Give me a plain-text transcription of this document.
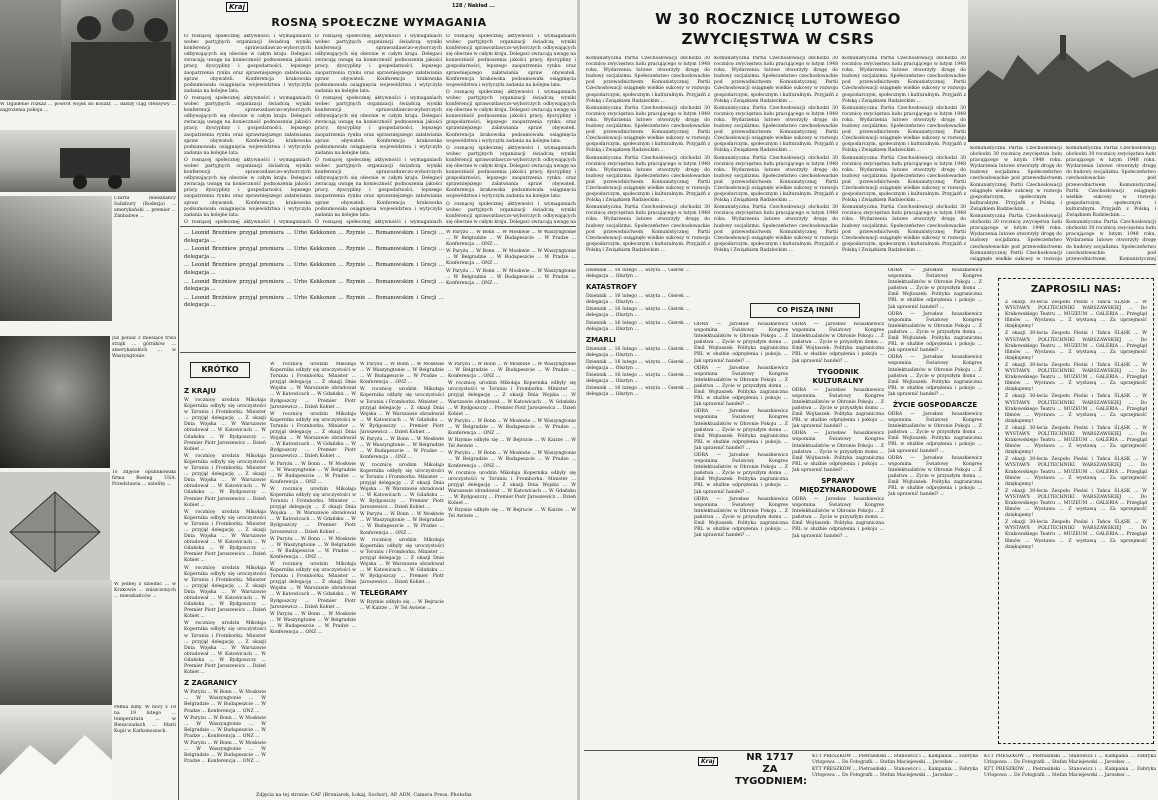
W Ogadenie rozkaz ... powrót wojsk do koszar, ... dalszy ciąg ofensywy ... zagrożenia pokoju ...

Czarni mieszkańcy Salisbury (Rodezja) ... amerykański ... premier ... Zimbabwe ...

Już ponad 3 miesiące trwa strajk ... górników ... amerykańskich ... w Waszyngtonie.

To zdjęcie opublikowała firma Boeing USA. Przedstawia ... satelitę ...

W jednej z dzielnic ... w Krakowie ... zniszczonych ... mieszkańców ...

Pełnia zimy. W nocy z 18 na 19 lutego ... temperatura ... w Bieszczadach ... Marii Kopii w Karkonoszach.

Kraj	128 / Nakład ...
ROSNĄ SPOŁECZNE WYMAGANIA

O rosnącej społecznej aktywności i wymaganiach wobec partyjnych organizacji świadczą wyniki konferencji sprawozdawczo-wyborczych odbywających się obecnie w całym kraju. Delegaci zwracają uwagę na konieczność podnoszenia jakości pracy, dyscypliny i gospodarności, lepszego zaopatrzenia rynku oraz sprawniejszego załatwiania spraw obywateli. Konferencja krakowska podsumowała osiągnięcia województwa i wytyczyła zadania na kolejne lata.

O rosnącej społecznej aktywności i wymaganiach wobec partyjnych organizacji świadczą wyniki konferencji sprawozdawczo-wyborczych odbywających się obecnie w całym kraju. Delegaci zwracają uwagę na konieczność podnoszenia jakości pracy, dyscypliny i gospodarności, lepszego zaopatrzenia rynku oraz sprawniejszego załatwiania spraw obywateli. Konferencja krakowska podsumowała osiągnięcia województwa i wytyczyła zadania na kolejne lata.

O rosnącej społecznej aktywności i wymaganiach wobec partyjnych organizacji świadczą wyniki konferencji sprawozdawczo-wyborczych odbywających się obecnie w całym kraju. Delegaci zwracają uwagę na konieczność podnoszenia jakości pracy, dyscypliny i gospodarności, lepszego zaopatrzenia rynku oraz sprawniejszego załatwiania spraw obywateli. Konferencja krakowska podsumowała osiągnięcia województwa i wytyczyła zadania na kolejne lata.

O rosnącej społecznej aktywności i wymaganiach

O rosnącej społecznej aktywności i wymaganiach wobec partyjnych organizacji świadczą wyniki konferencji sprawozdawczo-wyborczych odbywających się obecnie w całym kraju. Delegaci zwracają uwagę na konieczność podnoszenia jakości pracy, dyscypliny i gospodarności, lepszego zaopatrzenia rynku oraz sprawniejszego załatwiania spraw obywateli. Konferencja krakowska podsumowała osiągnięcia województwa i wytyczyła zadania na kolejne lata.

O rosnącej społecznej aktywności i wymaganiach wobec partyjnych organizacji świadczą wyniki konferencji sprawozdawczo-wyborczych odbywających się obecnie w całym kraju. Delegaci zwracają uwagę na konieczność podnoszenia jakości pracy, dyscypliny i gospodarności, lepszego zaopatrzenia rynku oraz sprawniejszego załatwiania spraw obywateli. Konferencja krakowska podsumowała osiągnięcia województwa i wytyczyła zadania na kolejne lata.

O rosnącej społecznej aktywności i wymaganiach wobec partyjnych organizacji świadczą wyniki konferencji sprawozdawczo-wyborczych odbywających się obecnie w całym kraju. Delegaci zwracają uwagę na konieczność podnoszenia jakości pracy, dyscypliny i gospodarności, lepszego zaopatrzenia rynku oraz sprawniejszego załatwiania spraw obywateli. Konferencja krakowska podsumowała osiągnięcia województwa i wytyczyła zadania na kolejne lata.

O rosnącej społecznej aktywności i wymaganiach

O rosnącej społecznej aktywności i wymaganiach wobec partyjnych organizacji świadczą wyniki konferencji sprawozdawczo-wyborczych odbywających się obecnie w całym kraju. Delegaci zwracają uwagę na konieczność podnoszenia jakości pracy, dyscypliny i gospodarności, lepszego zaopatrzenia rynku oraz sprawniejszego załatwiania spraw obywateli. Konferencja krakowska podsumowała osiągnięcia województwa i wytyczyła zadania na kolejne lata.

O rosnącej społecznej aktywności i wymaganiach wobec partyjnych organizacji świadczą wyniki konferencji sprawozdawczo-wyborczych odbywających się obecnie w całym kraju. Delegaci zwracają uwagę na konieczność podnoszenia jakości pracy, dyscypliny i gospodarności, lepszego zaopatrzenia rynku oraz sprawniejszego załatwiania spraw obywateli. Konferencja krakowska podsumowała osiągnięcia województwa i wytyczyła zadania na kolejne lata.

O rosnącej społecznej aktywności i wymaganiach wobec partyjnych organizacji świadczą wyniki konferencji sprawozdawczo-wyborczych odbywających się obecnie w całym kraju. Delegaci zwracają uwagę na konieczność podnoszenia jakości pracy, dyscypliny i gospodarności, lepszego zaopatrzenia rynku oraz sprawniejszego załatwiania spraw obywateli. Konferencja krakowska podsumowała osiągnięcia województwa i wytyczyła zadania na kolejne lata.

O rosnącej społecznej aktywności i wymaganiach wobec partyjnych organizacji świadczą wyniki konferencji sprawozdawczo-wyborczych odbywających się obecnie w całym kraju. Delegaci zwracają uwagę na

... Leonid Breżniew przyjął premiera ... Urho Kekkonen ... Rzymie ... Romanowskim i Grecji ... delegacja ...

... Leonid Breżniew przyjął premiera ... Urho Kekkonen ... Rzymie ... Romanowskim i Grecji ... delegacja ...

... Leonid Breżniew przyjął premiera ... Urho Kekkonen ... Rzymie ... Romanowskim i Grecji ... delegacja ...

... Leonid Breżniew przyjął premiera ... Urho Kekkonen ... Rzymie ... Romanowskim i Grecji ... delegacja ...

... Leonid Breżniew przyjął premiera ... Urho Kekkonen ... Rzymie ... Romanowskim i Grecji ... delegacja ...

W Paryżu ... W Bonn ... W Moskwie ... W Waszyngtonie ... W Belgradzie ... W Budapeszcie ... W Pradze ... Konferencja ... ONZ ...

W Paryżu ... W Bonn ... W Moskwie ... W Waszyngtonie ... W Belgradzie ... W Budapeszcie ... W Pradze ... Konferencja ... ONZ ...

W Paryżu ... W Bonn ... W Moskwie ... W Waszyngtonie ... W Belgradzie ... W Budapeszcie ... W Pradze ... Konferencja ... ONZ ...

KRÓTKO
Z KRAJU

W rocznicę urodzin Mikołaja Kopernika odbyły się uroczystości w Toruniu i Fromborku. Minister ... przyjął delegację ... Z okazji Dnia Wojska ... W Warszawie obradował ... W Katowicach ... W Gdańsku ... W Bydgoszczy ... Premier Piotr Jaroszewicz ... Dzień Kobiet ...

W rocznicę urodzin Mikołaja Kopernika odbyły się uroczystości w Toruniu i Fromborku. Minister ... przyjął delegację ... Z okazji Dnia Wojska ... W Warszawie obradował ... W Katowicach ... W Gdańsku ... W Bydgoszczy ... Premier Piotr Jaroszewicz ... Dzień Kobiet ...

W rocznicę urodzin Mikołaja Kopernika odbyły się uroczystości w Toruniu i Fromborku. Minister ... przyjął delegację ... Z okazji Dnia Wojska ... W Warszawie obradował ... W Katowicach ... W Gdańsku ... W Bydgoszczy ... Premier Piotr Jaroszewicz ... Dzień Kobiet ...

W rocznicę urodzin Mikołaja Kopernika odbyły się uroczystości w Toruniu i Fromborku. Minister ... przyjął delegację ... Z okazji Dnia Wojska ... W Warszawie obradował ... W Katowicach ... W Gdańsku ... W Bydgoszczy ... Premier Piotr Jaroszewicz ... Dzień Kobiet ...

W rocznicę urodzin Mikołaja Kopernika odbyły się uroczystości w Toruniu i Fromborku. Minister ... przyjął delegację ... Z okazji Dnia Wojska ... W Warszawie obradował ... W Katowicach ... W Gdańsku ... W Bydgoszczy ... Premier Piotr Jaroszewicz ... Dzień Kobiet ...

Z ZAGRANICY

W Paryżu ... W Bonn ... W Moskwie ... W Waszyngtonie ... W Belgradzie ... W Budapeszcie ... W Pradze ... Konferencja ... ONZ ...

W Paryżu ... W Bonn ... W Moskwie ... W Waszyngtonie ... W Belgradzie ... W Budapeszcie ... W Pradze ... Konferencja ... ONZ ...

W Paryżu ... W Bonn ... W Moskwie ... W Waszyngtonie ... W Belgradzie ... W Budapeszcie ... W Pradze ... Konferencja ... ONZ ...

W rocznicę urodzin Mikołaja Kopernika odbyły się uroczystości w Toruniu i Fromborku. Minister ... przyjął delegację ... Z okazji Dnia Wojska ... W Warszawie obradował ... W Katowicach ... W Gdańsku ... W Bydgoszczy ... Premier Piotr Jaroszewicz ... Dzień Kobiet ...

W rocznicę urodzin Mikołaja Kopernika odbyły się uroczystości w Toruniu i Fromborku. Minister ... przyjął delegację ... Z okazji Dnia Wojska ... W Warszawie obradował ... W Katowicach ... W Gdańsku ... W Bydgoszczy ... Premier Piotr Jaroszewicz ... Dzień Kobiet ...

W Paryżu ... W Bonn ... W Moskwie ... W Waszyngtonie ... W Belgradzie ... W Budapeszcie ... W Pradze ... Konferencja ... ONZ ...

W rocznicę urodzin Mikołaja Kopernika odbyły się uroczystości w Toruniu i Fromborku. Minister ... przyjął delegację ... Z okazji Dnia Wojska ... W Warszawie obradował ... W Katowicach ... W Gdańsku ... W Bydgoszczy ... Premier Piotr Jaroszewicz ... Dzień Kobiet ...

W Paryżu ... W Bonn ... W Moskwie ... W Waszyngtonie ... W Belgradzie ... W Budapeszcie ... W Pradze ... Konferencja ... ONZ ...

W rocznicę urodzin Mikołaja Kopernika odbyły się uroczystości w Toruniu i Fromborku. Minister ... przyjął delegację ... Z okazji Dnia Wojska ... W Warszawie obradował ... W Katowicach ... W Gdańsku ... W Bydgoszczy ... Premier Piotr Jaroszewicz ... Dzień Kobiet ...

W Paryżu ... W Bonn ... W Moskwie ... W Waszyngtonie ... W Belgradzie ... W Budapeszcie ... W Pradze ... Konferencja ... ONZ ...

W Paryżu ... W Bonn ... W Moskwie ... W Waszyngtonie ... W Belgradzie ... W Budapeszcie ... W Pradze ... Konferencja ... ONZ ...

W rocznicę urodzin Mikołaja Kopernika odbyły się uroczystości w Toruniu i Fromborku. Minister ... przyjął delegację ... Z okazji Dnia Wojska ... W Warszawie obradował ... W Katowicach ... W Gdańsku ... W Bydgoszczy ... Premier Piotr Jaroszewicz ... Dzień Kobiet ...

W Paryżu ... W Bonn ... W Moskwie ... W Waszyngtonie ... W Belgradzie ... W Budapeszcie ... W Pradze ... Konferencja ... ONZ ...

W rocznicę urodzin Mikołaja Kopernika odbyły się uroczystości w Toruniu i Fromborku. Minister ... przyjął delegację ... Z okazji Dnia Wojska ... W Warszawie obradował ... W Katowicach ... W Gdańsku ... W Bydgoszczy ... Premier Piotr Jaroszewicz ... Dzień Kobiet ...

W Paryżu ... W Bonn ... W Moskwie ... W Waszyngtonie ... W Belgradzie ... W Budapeszcie ... W Pradze ... Konferencja ... ONZ ...

W rocznicę urodzin Mikołaja Kopernika odbyły się uroczystości w Toruniu i Fromborku. Minister ... przyjął delegację ... Z okazji Dnia Wojska ... W Warszawie obradował ... W Katowicach ... W Gdańsku ... W Bydgoszczy ... Premier Piotr Jaroszewicz ... Dzień Kobiet ...

TELEGRAMY

W Rzymie odbyło się ... W Bejrucie ... W Kairze ... W Tel Awiwie ...

W Paryżu ... W Bonn ... W Moskwie ... W Waszyngtonie ... W Belgradzie ... W Budapeszcie ... W Pradze ... Konferencja ... ONZ ...

W rocznicę urodzin Mikołaja Kopernika odbyły się uroczystości w Toruniu i Fromborku. Minister ... przyjął delegację ... Z okazji Dnia Wojska ... W Warszawie obradował ... W Katowicach ... W Gdańsku ... W Bydgoszczy ... Premier Piotr Jaroszewicz ... Dzień Kobiet ...

W Paryżu ... W Bonn ... W Moskwie ... W Waszyngtonie ... W Belgradzie ... W Budapeszcie ... W Pradze ... Konferencja ... ONZ ...

W Rzymie odbyło się ... W Bejrucie ... W Kairze ... W Tel Awiwie ...

W Paryżu ... W Bonn ... W Moskwie ... W Waszyngtonie ... W Belgradzie ... W Budapeszcie ... W Pradze ... Konferencja ... ONZ ...

W rocznicę urodzin Mikołaja Kopernika odbyły się uroczystości w Toruniu i Fromborku. Minister ... przyjął delegację ... Z okazji Dnia Wojska ... W Warszawie obradował ... W Katowicach ... W Gdańsku ... W Bydgoszczy ... Premier Piotr Jaroszewicz ... Dzień Kobiet ...

W Rzymie odbyło się ... W Bejrucie ... W Kairze ... W Tel Awiwie ...

Zdjęcia na tej stronie: CAF (Broniarek, Łokaj, Sochor), AP, ADN, Camera Press, Photofax
W 30 ROCZNICĘ LUTOWEGO
ZWYCIĘSTWA W CSRS

Komunistyczna Partia Czechosłowacji obchodzi 30 rocznicę zwycięstwa ludu pracującego w lutym 1948 roku. Wydarzenia lutowe otworzyły drogę do budowy socjalizmu. Społeczeństwo czechosłowackie pod przewodnictwem Komunistycznej Partii Czechosłowacji osiągnęło wielkie sukcesy w rozwoju gospodarczym, społecznym i kulturalnym. Przyjaźń z Polską i Związkiem Radzieckim ...

Komunistyczna Partia Czechosłowacji obchodzi 30 rocznicę zwycięstwa ludu pracującego w lutym 1948 roku. Wydarzenia lutowe otworzyły drogę do budowy socjalizmu. Społeczeństwo czechosłowackie pod przewodnictwem Komunistycznej Partii Czechosłowacji osiągnęło wielkie sukcesy w rozwoju gospodarczym, społecznym i kulturalnym. Przyjaźń z Polską i Związkiem Radzieckim ...

Komunistyczna Partia Czechosłowacji obchodzi 30 rocznicę zwycięstwa ludu pracującego w lutym 1948 roku. Wydarzenia lutowe otworzyły drogę do budowy socjalizmu. Społeczeństwo czechosłowackie pod przewodnictwem Komunistycznej Partii Czechosłowacji osiągnęło wielkie sukcesy w rozwoju gospodarczym, społecznym i kulturalnym. Przyjaźń z Polską i Związkiem Radzieckim ...

Komunistyczna Partia Czechosłowacji obchodzi 30 rocznicę zwycięstwa ludu pracującego w lutym 1948 roku. Wydarzenia lutowe otworzyły drogę do budowy socjalizmu. Społeczeństwo czechosłowackie pod przewodnictwem Komunistycznej Partii Czechosłowacji osiągnęło wielkie sukcesy w rozwoju gospodarczym, społecznym i kulturalnym. Przyjaźń z Polską i Związkiem Radzieckim ...

Komunistyczna Partia Czechosłowacji obchodzi 30 rocznicę zwycięstwa ludu pracującego w lutym 1948 roku. Wydarzenia lutowe otworzyły drogę do budowy socjalizmu. Społeczeństwo czechosłowackie pod przewodnictwem Komunistycznej Partii Czechosłowacji osiągnęło wielkie sukcesy w rozwoju gospodarczym, społecznym i kulturalnym. Przyjaźń z Polską i Związkiem Radzieckim ...

Komunistyczna Partia Czechosłowacji obchodzi 30 rocznicę zwycięstwa ludu pracującego w lutym 1948 roku. Wydarzenia lutowe otworzyły drogę do budowy socjalizmu. Społeczeństwo czechosłowackie pod przewodnictwem Komunistycznej Partii Czechosłowacji osiągnęło wielkie sukcesy w rozwoju gospodarczym, społecznym i kulturalnym. Przyjaźń z Polską i Związkiem Radzieckim ...

Komunistyczna Partia Czechosłowacji obchodzi 30 rocznicę zwycięstwa ludu pracującego w lutym 1948 roku. Wydarzenia lutowe otworzyły drogę do budowy socjalizmu. Społeczeństwo czechosłowackie pod przewodnictwem Komunistycznej Partii Czechosłowacji osiągnęło wielkie sukcesy w rozwoju gospodarczym, społecznym i kulturalnym. Przyjaźń z Polską i Związkiem Radzieckim ...

Komunistyczna Partia Czechosłowacji obchodzi 30 rocznicę zwycięstwa ludu pracującego w lutym 1948 roku. Wydarzenia lutowe otworzyły drogę do budowy socjalizmu. Społeczeństwo czechosłowackie pod przewodnictwem Komunistycznej Partii Czechosłowacji osiągnęło wielkie sukcesy w rozwoju gospodarczym, społecznym i kulturalnym. Przyjaźń z Polską i Związkiem Radzieckim ...

Komunistyczna Partia Czechosłowacji obchodzi 30 rocznicę zwycięstwa ludu pracującego w lutym 1948 roku. Wydarzenia lutowe otworzyły drogę do budowy socjalizmu. Społeczeństwo czechosłowackie pod przewodnictwem Komunistycznej Partii Czechosłowacji osiągnęło wielkie sukcesy w rozwoju gospodarczym, społecznym i kulturalnym. Przyjaźń z Polską i Związkiem Radzieckim ...

Komunistyczna Partia Czechosłowacji obchodzi 30 rocznicę zwycięstwa ludu pracującego w lutym 1948 roku. Wydarzenia lutowe otworzyły drogę do budowy socjalizmu. Społeczeństwo czechosłowackie pod przewodnictwem Komunistycznej Partii Czechosłowacji osiągnęło wielkie sukcesy w rozwoju gospodarczym, społecznym i kulturalnym. Przyjaźń z Polską i Związkiem Radzieckim ...

Komunistyczna Partia Czechosłowacji obchodzi 30 rocznicę zwycięstwa ludu pracującego w lutym 1948 roku. Wydarzenia lutowe otworzyły drogę do budowy socjalizmu. Społeczeństwo czechosłowackie pod przewodnictwem Komunistycznej Partii Czechosłowacji osiągnęło wielkie sukcesy w rozwoju gospodarczym, społecznym i kulturalnym. Przyjaźń z Polską i Związkiem Radzieckim ...

Komunistyczna Partia Czechosłowacji obchodzi 30 rocznicę zwycięstwa ludu pracującego w lutym 1948 roku. Wydarzenia lutowe otworzyły drogę do budowy socjalizmu. Społeczeństwo czechosłowackie pod przewodnictwem Komunistycznej Partii Czechosłowacji osiągnęło wielkie sukcesy w rozwoju gospodarczym, społecznym i kulturalnym. Przyjaźń z Polską i Związkiem Radzieckim ...

Komunistyczna Partia Czechosłowacji obchodzi 30 rocznicę zwycięstwa ludu pracującego w lutym 1948 roku. Wydarzenia lutowe otworzyły drogę do budowy socjalizmu. Społeczeństwo czechosłowackie pod przewodnictwem Komunistycznej Partii Czechosłowacji osiągnęło wielkie sukcesy w rozwoju gospodarczym, społecznym i kulturalnym. Przyjaźń z Polską i Związkiem Radzieckim ...

Komunistyczna Partia Czechosłowacji obchodzi 30 rocznicę zwycięstwa ludu pracującego w lutym 1948 roku. Wydarzenia lutowe otworzyły drogę do budowy socjalizmu. Społeczeństwo czechosłowackie pod przewodnictwem Komunistycznej Partii Czechosłowacji osiągnęło wielkie sukcesy w rozwoju

Komunistyczna Partia Czechosłowacji obchodzi 30 rocznicę zwycięstwa ludu pracującego w lutym 1948 roku. Wydarzenia lutowe otworzyły drogę do budowy socjalizmu. Społeczeństwo czechosłowackie pod przewodnictwem Komunistycznej Partii Czechosłowacji osiągnęło wielkie sukcesy w rozwoju gospodarczym, społecznym i kulturalnym. Przyjaźń z Polską i Związkiem Radzieckim ...

Komunistyczna Partia Czechosłowacji obchodzi 30 rocznicę zwycięstwa ludu pracującego w lutym 1948 roku. Wydarzenia lutowe otworzyły drogę do budowy socjalizmu. Społeczeństwo czechosłowackie pod przewodnictwem Komunistycznej

Dziennik ... 16 lutego ... wizyta ... Gierek ... delegacja ... Olsztyn ...

KATASTROFY

Dziennik ... 16 lutego ... wizyta ... Gierek ... delegacja ... Olsztyn ...

Dziennik ... 16 lutego ... wizyta ... Gierek ... delegacja ... Olsztyn ...

Dziennik ... 16 lutego ... wizyta ... Gierek ... delegacja ... Olsztyn ...

ZMARLI

Dziennik ... 16 lutego ... wizyta ... Gierek ... delegacja ... Olsztyn ...

Dziennik ... 16 lutego ... wizyta ... Gierek ... delegacja ... Olsztyn ...

Dziennik ... 16 lutego ... wizyta ... Gierek ... delegacja ... Olsztyn ...

Dziennik ... 16 lutego ... wizyta ... Gierek ... delegacja ... Olsztyn ...

CO PISZĄ INNI

ODRA — Jarosław Iwaszkiewicz wspomina Światowy Kongres Intelektualistów w Obronie Pokoju ... Z państwa ... Zycie w przyszłym domu ... Emil Wojtaszek: Polityka zagraniczna PRL w służbie odprężenia i pokoju ... Jak uprawnić handel? ...

ODRA — Jarosław Iwaszkiewicz wspomina Światowy Kongres Intelektualistów w Obronie Pokoju ... Z państwa ... Zycie w przyszłym domu ... Emil Wojtaszek: Polityka zagraniczna PRL w służbie odprężenia i pokoju ... Jak uprawnić handel? ...

ODRA — Jarosław Iwaszkiewicz wspomina Światowy Kongres Intelektualistów w Obronie Pokoju ... Z państwa ... Zycie w przyszłym domu ... Emil Wojtaszek: Polityka zagraniczna PRL w służbie odprężenia i pokoju ... Jak uprawnić handel? ...

ODRA — Jarosław Iwaszkiewicz wspomina Światowy Kongres Intelektualistów w Obronie Pokoju ... Z państwa ... Zycie w przyszłym domu ... Emil Wojtaszek: Polityka zagraniczna PRL w służbie odprężenia i pokoju ... Jak uprawnić handel? ...

ODRA — Jarosław Iwaszkiewicz wspomina Światowy Kongres Intelektualistów w Obronie Pokoju ... Z państwa ... Zycie w przyszłym domu ... Emil Wojtaszek: Polityka zagraniczna PRL w służbie odprężenia i pokoju ... Jak uprawnić handel? ...

ODRA — Jarosław Iwaszkiewicz wspomina Światowy Kongres Intelektualistów w Obronie Pokoju ... Z państwa ... Zycie w przyszłym domu ... Emil Wojtaszek: Polityka zagraniczna PRL w służbie odprężenia i pokoju ... Jak uprawnić handel? ...

TYGODNIK KULTURALNY

ODRA — Jarosław Iwaszkiewicz wspomina Światowy Kongres Intelektualistów w Obronie Pokoju ... Z państwa ... Zycie w przyszłym domu ... Emil Wojtaszek: Polityka zagraniczna PRL w służbie odprężenia i pokoju ... Jak uprawnić handel? ...

ODRA — Jarosław Iwaszkiewicz wspomina Światowy Kongres Intelektualistów w Obronie Pokoju ... Z państwa ... Zycie w przyszłym domu ... Emil Wojtaszek: Polityka zagraniczna PRL w służbie odprężenia i pokoju ... Jak uprawnić handel? ...

SPRAWY MIĘDZYNARODOWE

ODRA — Jarosław Iwaszkiewicz wspomina Światowy Kongres Intelektualistów w Obronie Pokoju ... Z państwa ... Zycie w przyszłym domu ... Emil Wojtaszek: Polityka zagraniczna PRL w służbie odprężenia i pokoju ... Jak uprawnić handel? ...

ODRA — Jarosław Iwaszkiewicz wspomina Światowy Kongres Intelektualistów w Obronie Pokoju ... Z państwa ... Zycie w przyszłym domu ... Emil Wojtaszek: Polityka zagraniczna PRL w służbie odprężenia i pokoju ... Jak uprawnić handel? ...

ODRA — Jarosław Iwaszkiewicz wspomina Światowy Kongres Intelektualistów w Obronie Pokoju ... Z państwa ... Zycie w przyszłym domu ... Emil Wojtaszek: Polityka zagraniczna PRL w służbie odprężenia i pokoju ... Jak uprawnić handel? ...

ODRA — Jarosław Iwaszkiewicz wspomina Światowy Kongres Intelektualistów w Obronie Pokoju ... Z państwa ... Zycie w przyszłym domu ... Emil Wojtaszek: Polityka zagraniczna PRL w służbie odprężenia i pokoju ... Jak uprawnić handel? ...

ŻYCIE GOSPODARCZE

ODRA — Jarosław Iwaszkiewicz wspomina Światowy Kongres Intelektualistów w Obronie Pokoju ... Z państwa ... Zycie w przyszłym domu ... Emil Wojtaszek: Polityka zagraniczna PRL w służbie odprężenia i pokoju ... Jak uprawnić handel? ...

ODRA — Jarosław Iwaszkiewicz wspomina Światowy Kongres Intelektualistów w Obronie Pokoju ... Z państwa ... Zycie w przyszłym domu ... Emil Wojtaszek: Polityka zagraniczna PRL w służbie odprężenia i pokoju ... Jak uprawnić handel? ...

ZAPROSILI NAS:

Z okazji 30-lecia Zespołu Pieśni i Tańca ŚLĄSK ... W WYSTAWY: POLITECHNIKI WARSZAWSKIEJ ... Do Krakowskiego Teatru ... MUZEUM ... GALERIA ... Przegląd filmów ... Wystawa ... Z wystawą ... Za uprzejmość dziękujemy!

Z okazji 30-lecia Zespołu Pieśni i Tańca ŚLĄSK ... W WYSTAWY: POLITECHNIKI WARSZAWSKIEJ ... Do Krakowskiego Teatru ... MUZEUM ... GALERIA ... Przegląd filmów ... Wystawa ... Z wystawą ... Za uprzejmość dziękujemy!

Z okazji 30-lecia Zespołu Pieśni i Tańca ŚLĄSK ... W WYSTAWY: POLITECHNIKI WARSZAWSKIEJ ... Do Krakowskiego Teatru ... MUZEUM ... GALERIA ... Przegląd filmów ... Wystawa ... Z wystawą ... Za uprzejmość dziękujemy!

Z okazji 30-lecia Zespołu Pieśni i Tańca ŚLĄSK ... W WYSTAWY: POLITECHNIKI WARSZAWSKIEJ ... Do Krakowskiego Teatru ... MUZEUM ... GALERIA ... Przegląd filmów ... Wystawa ... Z wystawą ... Za uprzejmość dziękujemy!

Z okazji 30-lecia Zespołu Pieśni i Tańca ŚLĄSK ... W WYSTAWY: POLITECHNIKI WARSZAWSKIEJ ... Do Krakowskiego Teatru ... MUZEUM ... GALERIA ... Przegląd filmów ... Wystawa ... Z wystawą ... Za uprzejmość dziękujemy!

Z okazji 30-lecia Zespołu Pieśni i Tańca ŚLĄSK ... W WYSTAWY: POLITECHNIKI WARSZAWSKIEJ ... Do Krakowskiego Teatru ... MUZEUM ... GALERIA ... Przegląd filmów ... Wystawa ... Z wystawą ... Za uprzejmość dziękujemy!

Z okazji 30-lecia Zespołu Pieśni i Tańca ŚLĄSK ... W WYSTAWY: POLITECHNIKI WARSZAWSKIEJ ... Do Krakowskiego Teatru ... MUZEUM ... GALERIA ... Przegląd filmów ... Wystawa ... Z wystawą ... Za uprzejmość dziękujemy!

Z okazji 30-lecia Zespołu Pieśni i Tańca ŚLĄSK ... W WYSTAWY: POLITECHNIKI WARSZAWSKIEJ ... Do Krakowskiego Teatru ... MUZEUM ... GALERIA ... Przegląd filmów ... Wystawa ... Z wystawą ... Za uprzejmość dziękujemy!

Kraj	NR 1717
ZA
TYGODNIEM:

KTT PRESZKÓW ... Pietrasiński ... Stanowicz i ... Kampania ... Fabryka Urlopowa ... Do Fotografii ... Stefan Maciejewski ... Jarosław ...

KTT PRESZKÓW ... Pietrasiński ... Stanowicz i ... Kampania ... Fabryka Urlopowa ... Do Fotografii ... Stefan Maciejewski ... Jarosław ...

KTT PRESZKÓW ... Pietrasiński ... Stanowicz i ... Kampania ... Fabryka Urlopowa ... Do Fotografii ... Stefan Maciejewski ... Jarosław ...

KTT PRESZKÓW ... Pietrasiński ... Stanowicz i ... Kampania ... Fabryka Urlopowa ... Do Fotografii ... Stefan Maciejewski ... Jarosław ...
